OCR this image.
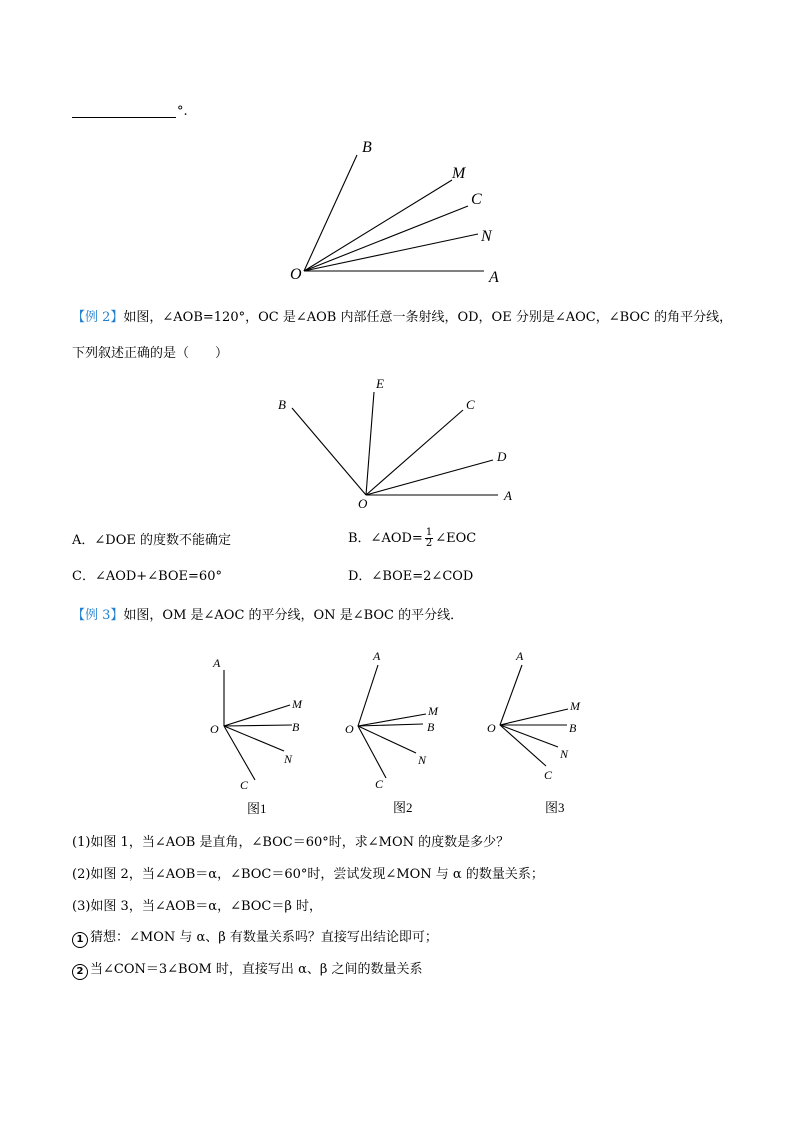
°.
B
M
C
N
O	A
【例 2】如图，∠AOB=120°，OC 是∠AOB 内部任意一条射线，OD，OE 分别是∠AOC，∠BOC 的角平分线，
下列叙述正确的是（　　）
B
E
C
D
O
A
A．∠DOE 的度数不能确定	B．∠AOD= $\frac{1}{2}$ ∠EOC
C．∠AOD+∠BOE=60°	D．∠BOE=2∠COD
【例 3】如图，OM 是∠AOC 的平分线，ON 是∠BOC 的平分线．
A
M
O	B
N
C
图1
A
M
O	B
N
C
图2
A
M
O	B
N
C
图3
(1)如图 1，当∠AOB 是直角，∠BOC＝60°时，求∠MON 的度数是多少？
(2)如图 2，当∠AOB＝α，∠BOC＝60°时，尝试发现∠MON 与 α 的数量关系；
(3)如图 3，当∠AOB＝α，∠BOC＝β 时，
1 猜想：∠MON 与 α、β 有数量关系吗？直接写出结论即可；
2 当∠CON＝3∠BOM 时，直接写出 α、β 之间的数量关系
